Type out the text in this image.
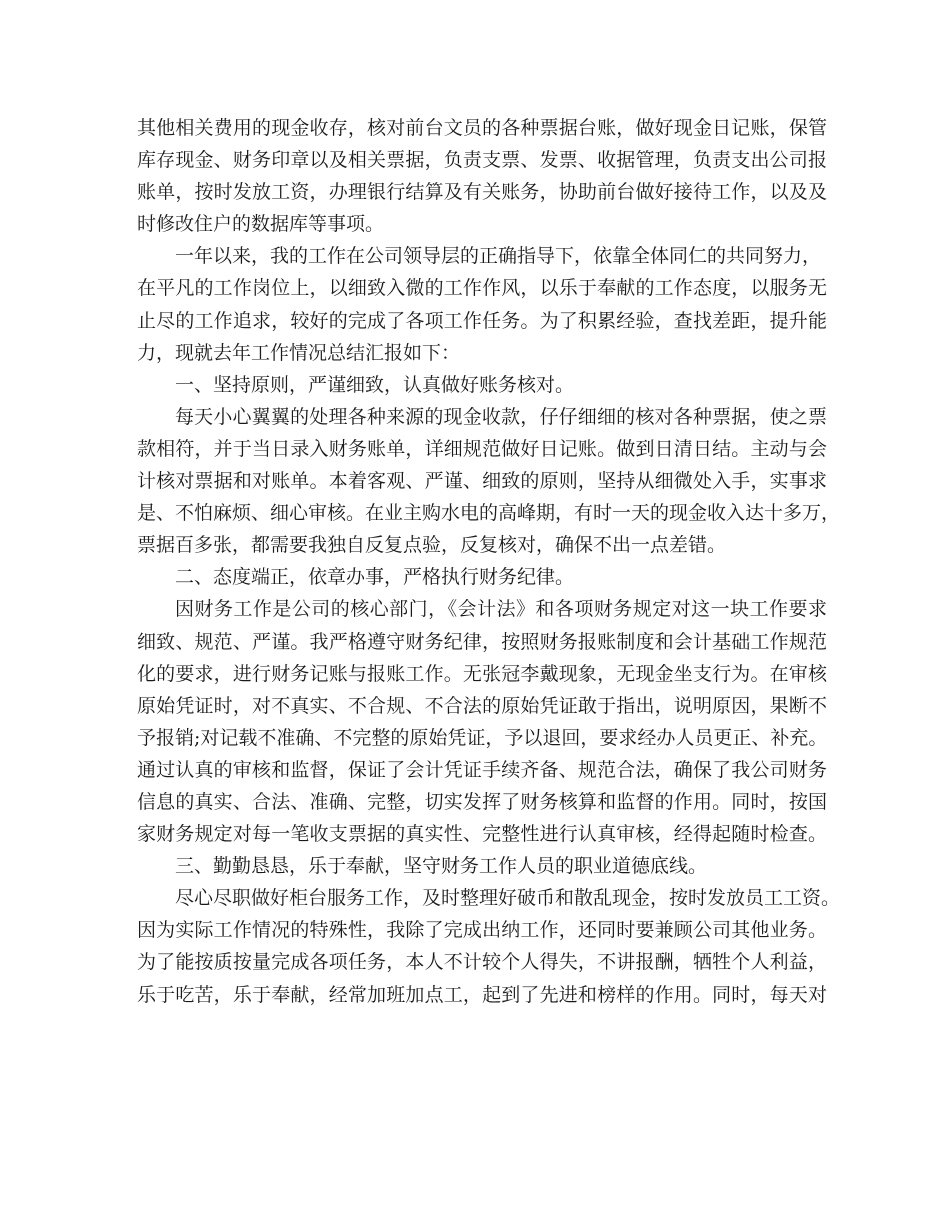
其他相关费用的现金收存，核对前台文员的各种票据台账，做好现金日记账，保管
库存现金、财务印章以及相关票据，负责支票、发票、收据管理，负责支出公司报
账单，按时发放工资，办理银行结算及有关账务，协助前台做好接待工作，以及及
时修改住户的数据库等事项。
一年以来，我的工作在公司领导层的正确指导下，依靠全体同仁的共同努力，
在平凡的工作岗位上，以细致入微的工作作风，以乐于奉献的工作态度，以服务无
止尽的工作追求，较好的完成了各项工作任务。为了积累经验，查找差距，提升能
力，现就去年工作情况总结汇报如下：
一、坚持原则，严谨细致，认真做好账务核对。
每天小心翼翼的处理各种来源的现金收款，仔仔细细的核对各种票据，使之票
款相符，并于当日录入财务账单，详细规范做好日记账。做到日清日结。主动与会
计核对票据和对账单。本着客观、严谨、细致的原则，坚持从细微处入手，实事求
是、不怕麻烦、细心审核。在业主购水电的高峰期，有时一天的现金收入达十多万，
票据百多张，都需要我独自反复点验，反复核对，确保不出一点差错。
二、态度端正，依章办事，严格执行财务纪律。
因财务工作是公司的核心部门，《会计法》和各项财务规定对这一块工作要求
细致、规范、严谨。我严格遵守财务纪律，按照财务报账制度和会计基础工作规范
化的要求，进行财务记账与报账工作。无张冠李戴现象，无现金坐支行为。在审核
原始凭证时，对不真实、不合规、不合法的原始凭证敢于指出，说明原因，果断不
予报销;对记载不准确、不完整的原始凭证，予以退回，要求经办人员更正、补充。
通过认真的审核和监督，保证了会计凭证手续齐备、规范合法，确保了我公司财务
信息的真实、合法、准确、完整，切实发挥了财务核算和监督的作用。同时，按国
家财务规定对每一笔收支票据的真实性、完整性进行认真审核，经得起随时检查。
三、勤勤恳恳，乐于奉献，坚守财务工作人员的职业道德底线。
尽心尽职做好柜台服务工作，及时整理好破币和散乱现金，按时发放员工工资。
因为实际工作情况的特殊性，我除了完成出纳工作，还同时要兼顾公司其他业务。
为了能按质按量完成各项任务，本人不计较个人得失，不讲报酬，牺牲个人利益，
乐于吃苦，乐于奉献，经常加班加点工，起到了先进和榜样的作用。同时，每天对
